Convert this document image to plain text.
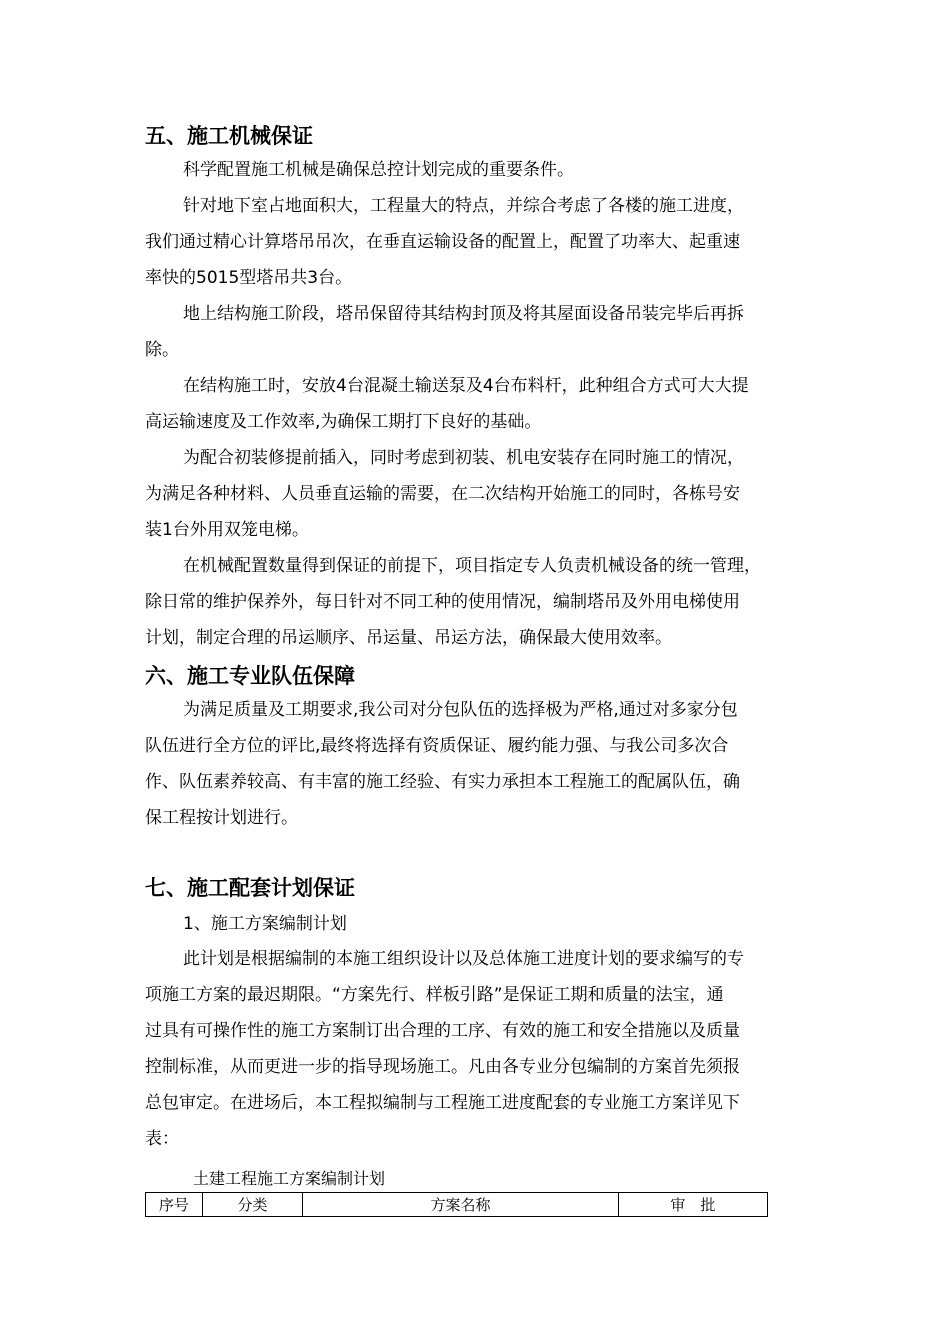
五、施工机械保证

科学配置施工机械是确保总控计划完成的重要条件。

针对地下室占地面积大，工程量大的特点，并综合考虑了各楼的施工进度，

我们通过精心计算塔吊吊次，在垂直运输设备的配置上，配置了功率大、起重速

率快的5015型塔吊共3台。

地上结构施工阶段，塔吊保留待其结构封顶及将其屋面设备吊装完毕后再拆

除。

在结构施工时，安放4台混凝土输送泵及4台布料杆，此种组合方式可大大提

高运输速度及工作效率,为确保工期打下良好的基础。

为配合初装修提前插入，同时考虑到初装、机电安装存在同时施工的情况，

为满足各种材料、人员垂直运输的需要，在二次结构开始施工的同时，各栋号安

装1台外用双笼电梯。

在机械配置数量得到保证的前提下，项目指定专人负责机械设备的统一管理，

除日常的维护保养外，每日针对不同工种的使用情况，编制塔吊及外用电梯使用

计划，制定合理的吊运顺序、吊运量、吊运方法，确保最大使用效率。

六、施工专业队伍保障

为满足质量及工期要求,我公司对分包队伍的选择极为严格,通过对多家分包

队伍进行全方位的评比,最终将选择有资质保证、履约能力强、与我公司多次合

作、队伍素养较高、有丰富的施工经验、有实力承担本工程施工的配属队伍，确

保工程按计划进行。

七、施工配套计划保证

1、施工方案编制计划

此计划是根据编制的本施工组织设计以及总体施工进度计划的要求编写的专

项施工方案的最迟期限。“方案先行、样板引路”是保证工期和质量的法宝，通

过具有可操作性的施工方案制订出合理的工序、有效的施工和安全措施以及质量

控制标准，从而更进一步的指导现场施工。凡由各专业分包编制的方案首先须报

总包审定。在进场后，本工程拟编制与工程施工进度配套的专业施工方案详见下

表：

土建工程施工方案编制计划
序号	分类	方案名称	审　批
